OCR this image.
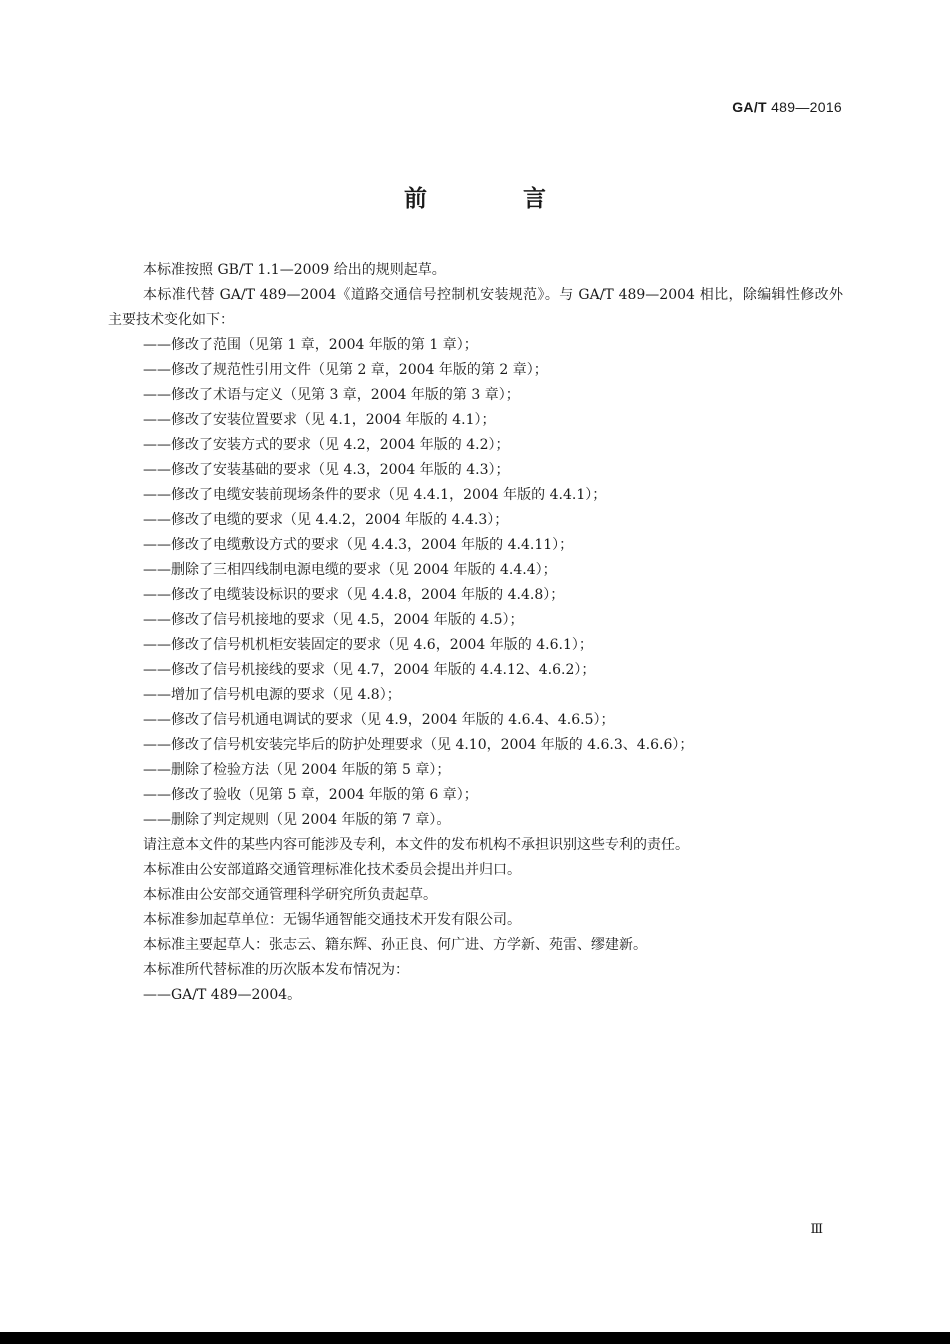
GA/T 489—2016
前 言

本标准按照 GB/T 1.1—2009 给出的规则起草。

本标准代替 GA/T 489—2004《道路交通信号控制机安装规范》。与 GA/T 489—2004 相比，除编辑性修改外主要技术变化如下：

——修改了范围（见第 1 章，2004 年版的第 1 章）；

——修改了规范性引用文件（见第 2 章，2004 年版的第 2 章）；

——修改了术语与定义（见第 3 章，2004 年版的第 3 章）；

——修改了安装位置要求（见 4.1，2004 年版的 4.1）；

——修改了安装方式的要求（见 4.2，2004 年版的 4.2）；

——修改了安装基础的要求（见 4.3，2004 年版的 4.3）；

——修改了电缆安装前现场条件的要求（见 4.4.1，2004 年版的 4.4.1）；

——修改了电缆的要求（见 4.4.2，2004 年版的 4.4.3）；

——修改了电缆敷设方式的要求（见 4.4.3，2004 年版的 4.4.11）；

——删除了三相四线制电源电缆的要求（见 2004 年版的 4.4.4）；

——修改了电缆装设标识的要求（见 4.4.8，2004 年版的 4.4.8）；

——修改了信号机接地的要求（见 4.5，2004 年版的 4.5）；

——修改了信号机机柜安装固定的要求（见 4.6，2004 年版的 4.6.1）；

——修改了信号机接线的要求（见 4.7，2004 年版的 4.4.12、4.6.2）；

——增加了信号机电源的要求（见 4.8）；

——修改了信号机通电调试的要求（见 4.9，2004 年版的 4.6.4、4.6.5）；

——修改了信号机安装完毕后的防护处理要求（见 4.10，2004 年版的 4.6.3、4.6.6）；

——删除了检验方法（见 2004 年版的第 5 章）；

——修改了验收（见第 5 章，2004 年版的第 6 章）；

——删除了判定规则（见 2004 年版的第 7 章）。

请注意本文件的某些内容可能涉及专利，本文件的发布机构不承担识别这些专利的责任。

本标准由公安部道路交通管理标准化技术委员会提出并归口。

本标准由公安部交通管理科学研究所负责起草。

本标准参加起草单位：无锡华通智能交通技术开发有限公司。

本标准主要起草人：张志云、籍东辉、孙正良、何广进、方学新、苑雷、缪建新。

本标准所代替标准的历次版本发布情况为：

——GA/T 489—2004。

Ⅲ
